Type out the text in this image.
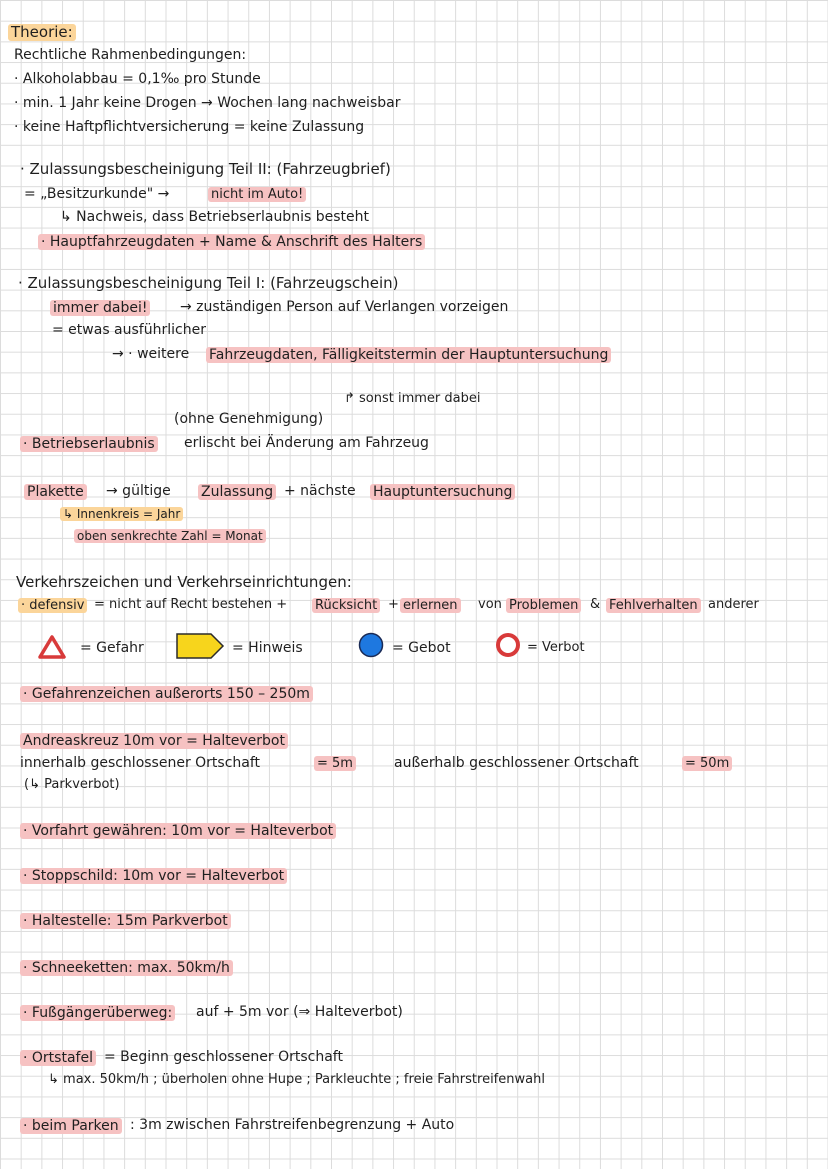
Theorie:
Rechtliche Rahmenbedingungen:
· Alkoholabbau = 0,1‰ pro Stunde
· min. 1 Jahr keine Drogen → Wochen lang nachweisbar
· keine Haftpflichtversicherung = keine Zulassung
· Zulassungsbescheinigung Teil II: (Fahrzeugbrief)
= „Besitzurkunde" →	nicht im Auto!
↳ Nachweis, dass Betriebserlaubnis besteht
· Hauptfahrzeugdaten + Name & Anschrift des Halters
· Zulassungsbescheinigung Teil I: (Fahrzeugschein)
immer dabei! → zuständigen Person auf Verlangen vorzeigen
= etwas ausführlicher
→ · weitere Fahrzeugdaten, Fälligkeitstermin der Hauptuntersuchung
↱ sonst immer dabei
(ohne Genehmigung)
· Betriebserlaubnis erlischt bei Änderung am Fahrzeug
Plakette → gültige Zulassung + nächste Hauptuntersuchung
↳ Innenkreis = Jahr
oben senkrechte Zahl = Monat
Verkehrszeichen und Verkehrseinrichtungen:
· defensiv = nicht auf Recht bestehen + Rücksicht + erlernen von Problemen & Fehlverhalten anderer
= Gefahr	= Hinweis	= Gebot	= Verbot
· Gefahrenzeichen außerorts 150 – 250m
Andreaskreuz 10m vor = Halteverbot
innerhalb geschlossener Ortschaft	= 5m	außerhalb geschlossener Ortschaft	= 50m
(↳ Parkverbot)
· Vorfahrt gewähren: 10m vor = Halteverbot
· Stoppschild: 10m vor = Halteverbot
· Haltestelle: 15m Parkverbot
· Schneeketten: max. 50km/h
· Fußgängerüberweg: auf + 5m vor (⇒ Halteverbot)
· Ortstafel = Beginn geschlossener Ortschaft
↳ max. 50km/h ; überholen ohne Hupe ; Parkleuchte ; freie Fahrstreifenwahl
· beim Parken : 3m zwischen Fahrstreifenbegrenzung + Auto
